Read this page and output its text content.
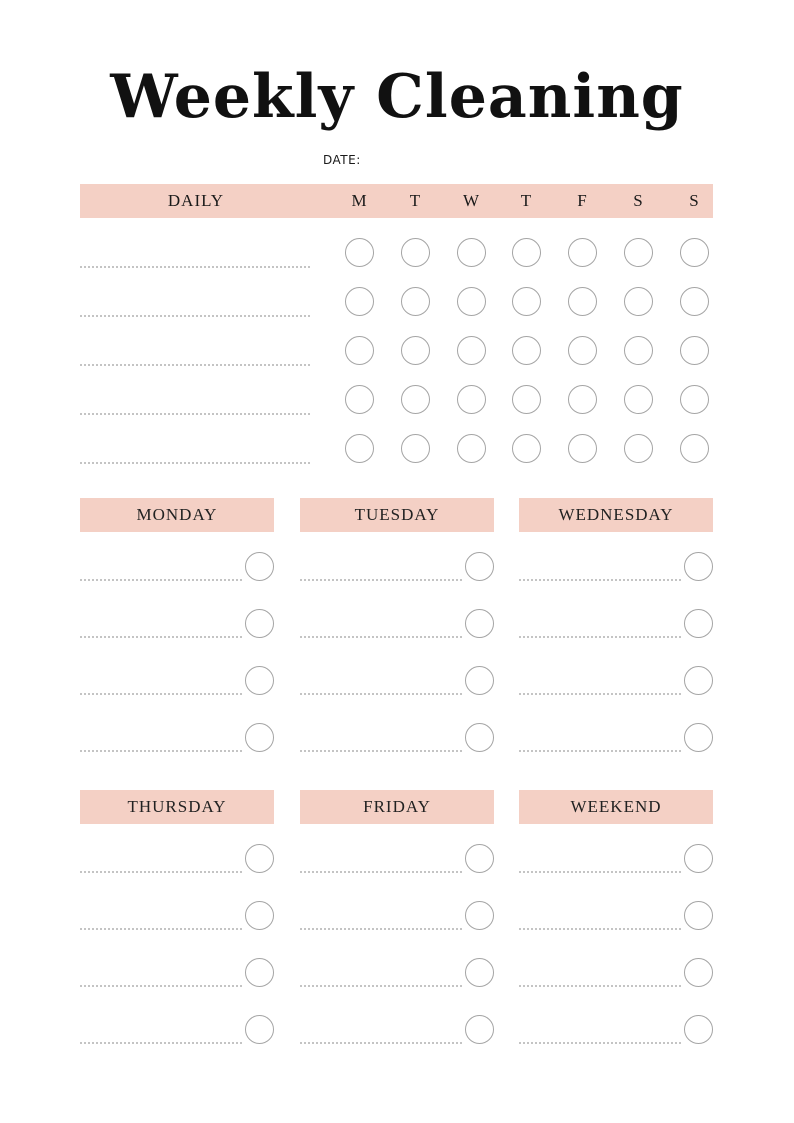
Weekly Cleaning
DATE:
DAILY	M	T	W	T	F	S	S
MONDAY	TUESDAY	WEDNESDAY
THURSDAY	FRIDAY	WEEKEND
